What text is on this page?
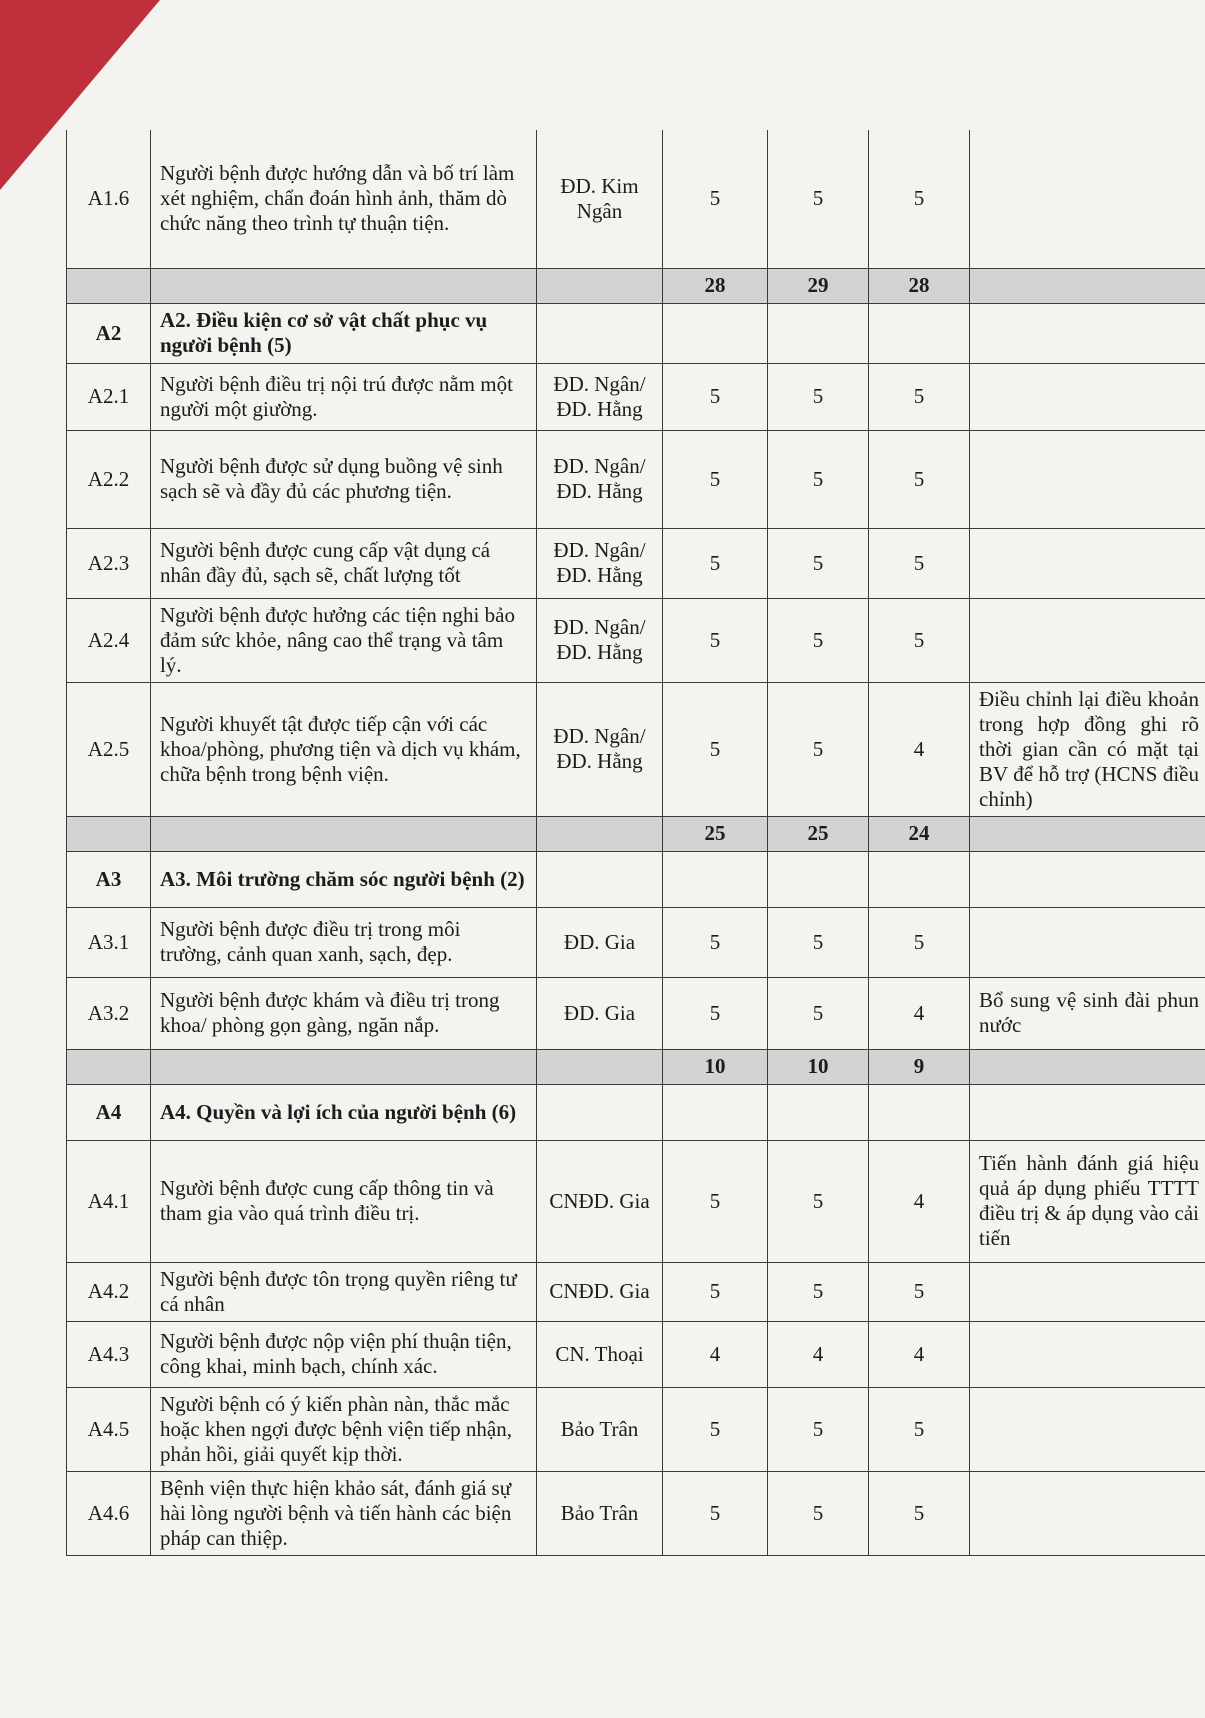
A1.6	Người bệnh được hướng dẫn và bố trí làm xét nghiệm, chẩn đoán hình ảnh, thăm dò chức năng theo trình tự thuận tiện.	ĐD. Kim Ngân	5	5	5	
			28	29	28	
A2	A2. Điều kiện cơ sở vật chất phục vụ người bệnh (5)					
A2.1	Người bệnh điều trị nội trú được nằm một người một giường.	ĐD. Ngân/ ĐD. Hằng	5	5	5	
A2.2	Người bệnh được sử dụng buồng vệ sinh sạch sẽ và đầy đủ các phương tiện.	ĐD. Ngân/ ĐD. Hằng	5	5	5	
A2.3	Người bệnh được cung cấp vật dụng cá nhân đầy đủ, sạch sẽ, chất lượng tốt	ĐD. Ngân/ ĐD. Hằng	5	5	5	
A2.4	Người bệnh được hưởng các tiện nghi bảo đảm sức khỏe, nâng cao thể trạng và tâm lý.	ĐD. Ngân/ ĐD. Hằng	5	5	5	
A2.5	Người khuyết tật được tiếp cận với các khoa/phòng, phương tiện và dịch vụ khám, chữa bệnh trong bệnh viện.	ĐD. Ngân/ ĐD. Hằng	5	5	4	Điều chỉnh lại điều khoản trong hợp đồng ghi rõ thời gian cần có mặt tại BV để hỗ trợ (HCNS điều chỉnh)
			25	25	24	
A3	A3. Môi trường chăm sóc người bệnh (2)					
A3.1	Người bệnh được điều trị trong môi trường, cảnh quan xanh, sạch, đẹp.	ĐD. Gia	5	5	5	
A3.2	Người bệnh được khám và điều trị trong khoa/ phòng gọn gàng, ngăn nắp.	ĐD. Gia	5	5	4	Bổ sung vệ sinh đài phun nước
			10	10	9	
A4	A4. Quyền và lợi ích của người bệnh (6)					
A4.1	Người bệnh được cung cấp thông tin và tham gia vào quá trình điều trị.	CNĐD. Gia	5	5	4	Tiến hành đánh giá hiệu quả áp dụng phiếu TTTT điều trị & áp dụng vào cải tiến
A4.2	Người bệnh được tôn trọng quyền riêng tư cá nhân	CNĐD. Gia	5	5	5	
A4.3	Người bệnh được nộp viện phí thuận tiện, công khai, minh bạch, chính xác.	CN. Thoại	4	4	4	
A4.5	Người bệnh có ý kiến phàn nàn, thắc mắc hoặc khen ngợi được bệnh viện tiếp nhận, phản hồi, giải quyết kịp thời.	Bảo Trân	5	5	5	
A4.6	Bệnh viện thực hiện khảo sát, đánh giá sự hài lòng người bệnh và tiến hành các biện pháp can thiệp.	Bảo Trân	5	5	5	
